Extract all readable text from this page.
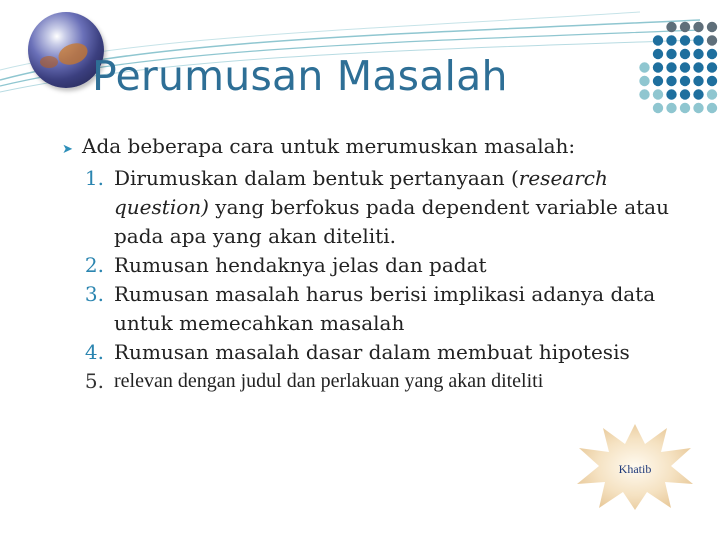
Perumusan Masalah
➤ Ada beberapa cara untuk merumuskan masalah:
1. Dirumuskan dalam bentuk pertanyaan (research question) yang berfokus pada dependent variable atau pada apa yang akan diteliti.
2. Rumusan hendaknya jelas dan padat
3. Rumusan masalah harus berisi implikasi adanya data untuk memecahkan masalah
4. Rumusan masalah dasar dalam membuat hipotesis
5. relevan dengan judul dan perlakuan yang akan diteliti
Khatib
